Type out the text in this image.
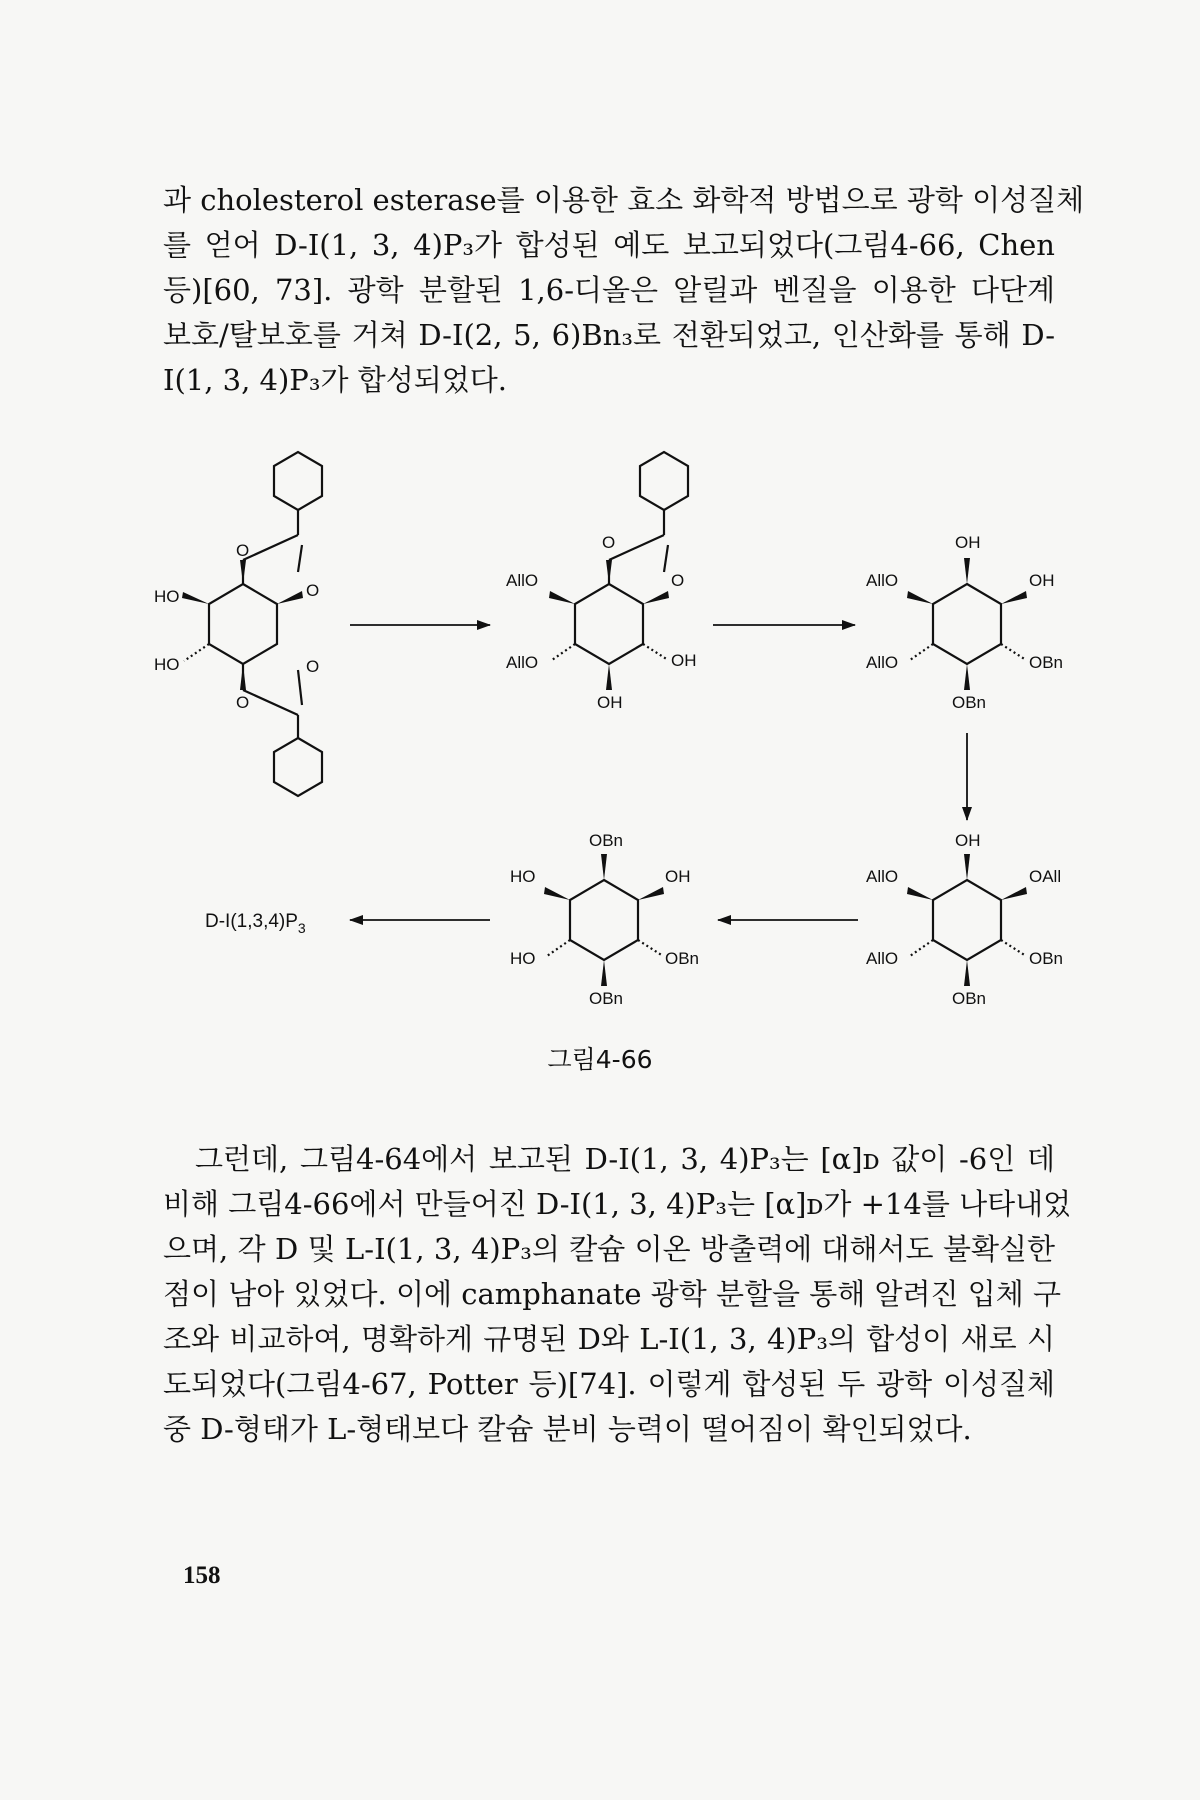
과 cholesterol esterase를 이용한 효소 화학적 방법으로 광학 이성질체
를 얻어 D-I(1, 3, 4)P₃가 합성된 예도 보고되었다(그림4-66, Chen
등)[60, 73]. 광학 분할된 1,6-디올은 알릴과 벤질을 이용한 다단계
보호/탈보호를 거쳐 D-I(2, 5, 6)Bn₃로 전환되었고, 인산화를 통해 D-
I(1, 3, 4)P₃가 합성되었다.
HO
HO
O
O
O
O
AllO
AllO
O
O
OH
OH
OH
AllO	OH
AllO	OBn
OBn
OH
AllO	OAll
AllO	OBn
OBn
OBn
HO	OH
HO	OBn
OBn
$D-I(1,3,4)P_3$
그림4-66
그런데, 그림4-64에서 보고된 D-I(1, 3, 4)P₃는 [α]ᴅ 값이 -6인 데
비해 그림4-66에서 만들어진 D-I(1, 3, 4)P₃는 [α]ᴅ가 +14를 나타내었
으며, 각 D 및 L-I(1, 3, 4)P₃의 칼슘 이온 방출력에 대해서도 불확실한
점이 남아 있었다. 이에 camphanate 광학 분할을 통해 알려진 입체 구
조와 비교하여, 명확하게 규명된 D와 L-I(1, 3, 4)P₃의 합성이 새로 시
도되었다(그림4-67, Potter 등)[74]. 이렇게 합성된 두 광학 이성질체
중 D-형태가 L-형태보다 칼슘 분비 능력이 떨어짐이 확인되었다.
158
